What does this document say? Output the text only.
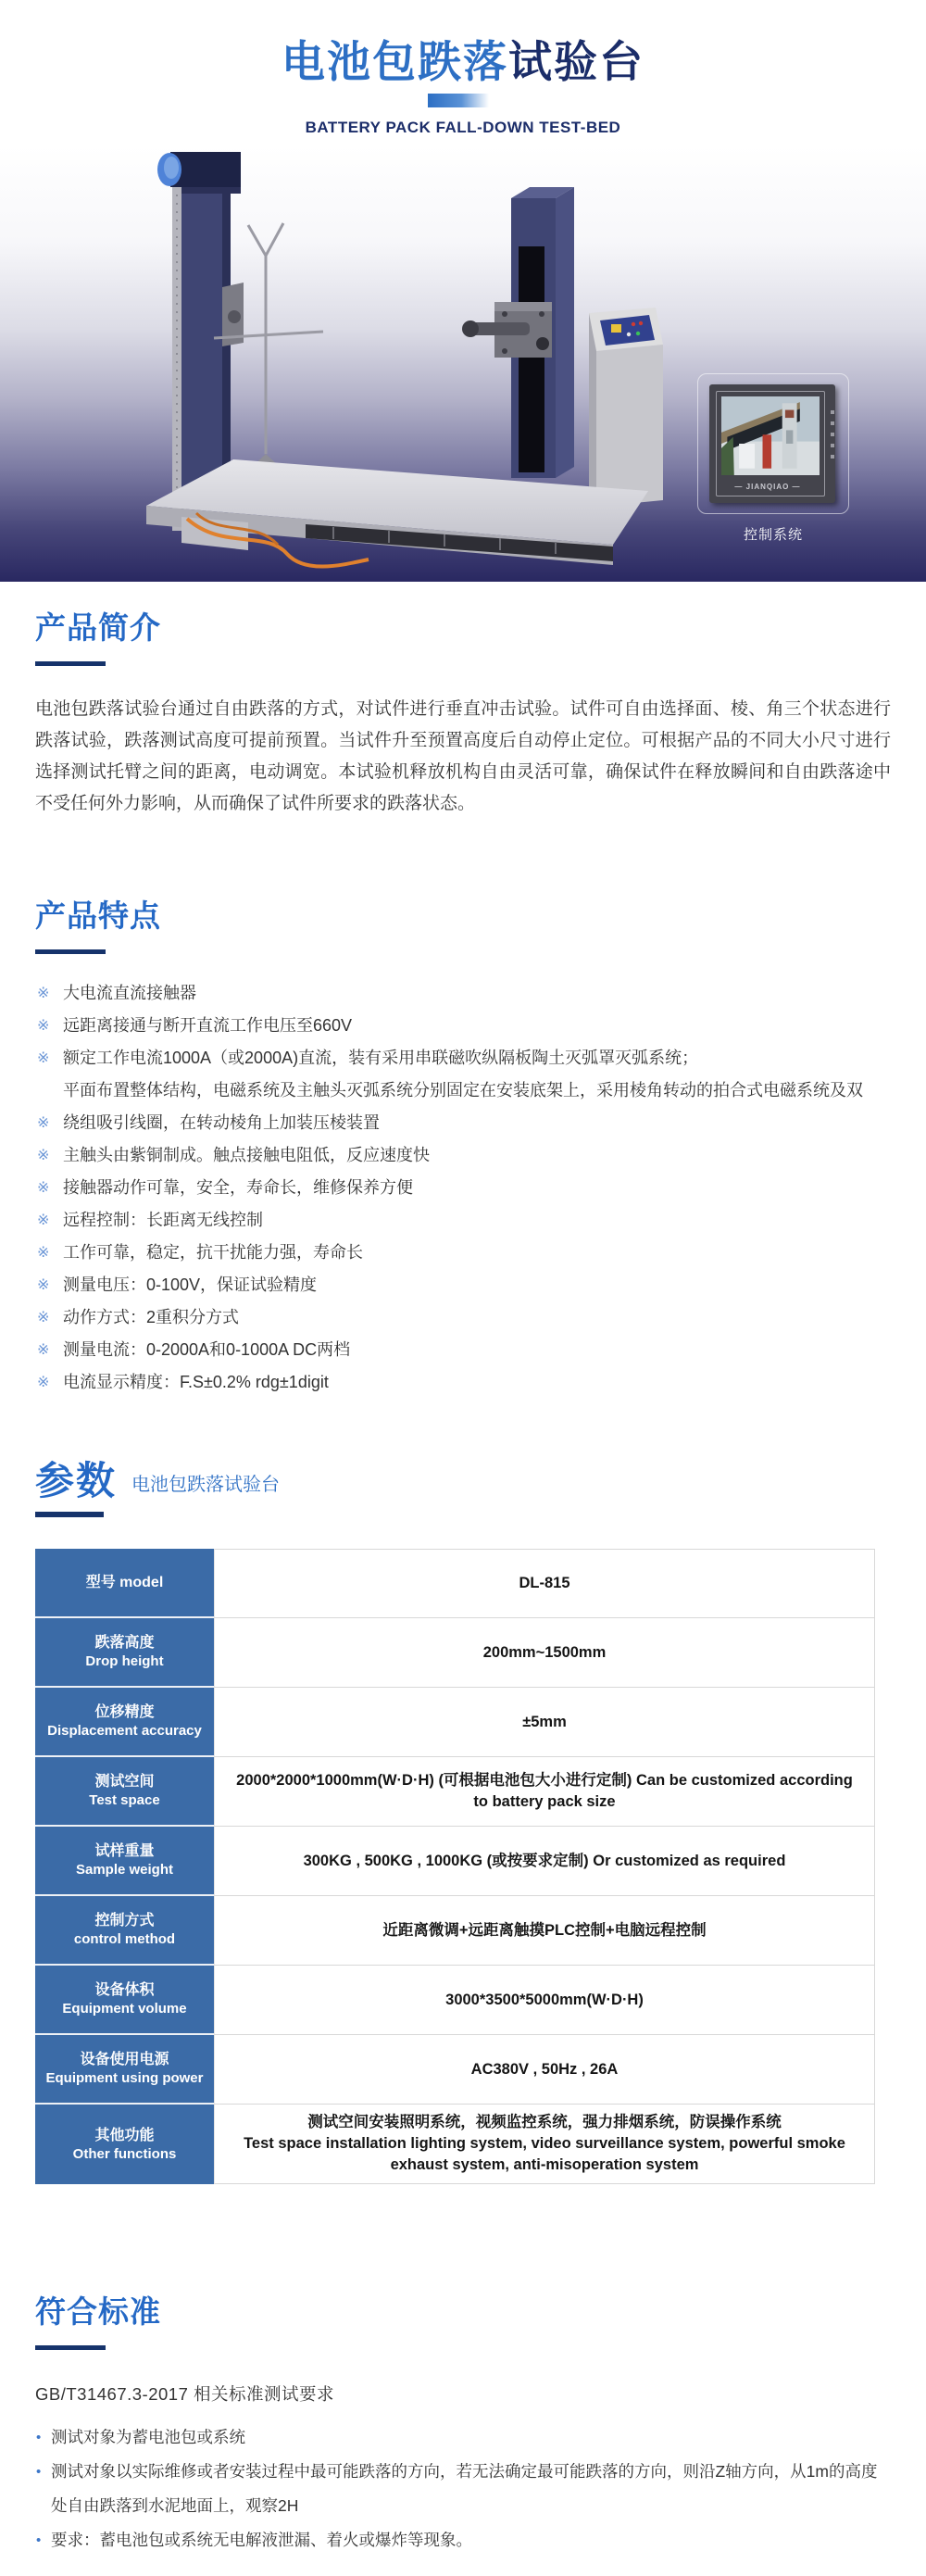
电池包跌落试验台
BATTERY PACK FALL-DOWN TEST-BED
— JIANQIAO —
控制系统
产品简介

电池包跌落试验台通过自由跌落的方式，对试件进行垂直冲击试验。试件可自由选择面、棱、角三个状态进行跌落试验，跌落测试高度可提前预置。当试件升至预置高度后自动停止定位。可根据产品的不同大小尺寸进行选择测试托臂之间的距离，电动调宽。本试验机释放机构自由灵活可靠，确保试件在释放瞬间和自由跌落途中不受任何外力影响，从而确保了试件所要求的跌落状态。

产品特点
※ 大电流直流接触器
※ 远距离接通与断开直流工作电压至660V
※ 额定工作电流1000A（或2000A)直流，装有采用串联磁吹纵隔板陶土灭弧罩灭弧系统；
平面布置整体结构，电磁系统及主触头灭弧系统分别固定在安装底架上，采用棱角转动的拍合式电磁系统及双
※ 绕组吸引线圈，在转动棱角上加装压棱装置
※ 主触头由紫铜制成。触点接触电阻低，反应速度快
※ 接触器动作可靠，安全，寿命长，维修保养方便
※ 远程控制：长距离无线控制
※ 工作可靠，稳定，抗干扰能力强，寿命长
※ 测量电压：0-100V，保证试验精度
※ 动作方式：2重积分方式
※ 测量电流：0-2000A和0-1000A DC两档
※ 电流显示精度：F.S±0.2% rdg±1digit
参数 电池包跌落试验台
型号 model	DL-815
跌落高度
Drop height
200mm~1500mm
位移精度
Displacement accuracy
±5mm
测试空间
Test space
2000*2000*1000mm(W·D·H) (可根据电池包大小进行定制) Can be customized according to battery pack size
试样重量
Sample weight
300KG , 500KG , 1000KG (或按要求定制) Or customized as required
控制方式
control method
近距离微调+远距离触摸PLC控制+电脑远程控制
设备体积
Equipment volume
3000*3500*5000mm(W·D·H)
设备使用电源
Equipment using power
AC380V , 50Hz , 26A
其他功能
Other functions
测试空间安装照明系统，视频监控系统，强力排烟系统，防误操作系统
Test space installation lighting system, video surveillance system, powerful smoke exhaust system, anti-misoperation system
符合标准
GB/T31467.3-2017 相关标准测试要求
• 测试对象为蓄电池包或系统
• 测试对象以实际维修或者安装过程中最可能跌落的方向，若无法确定最可能跌落的方向，则沿Z轴方向，从1m的高度处自由跌落到水泥地面上，观察2H
• 要求：蓄电池包或系统无电解液泄漏、着火或爆炸等现象。
